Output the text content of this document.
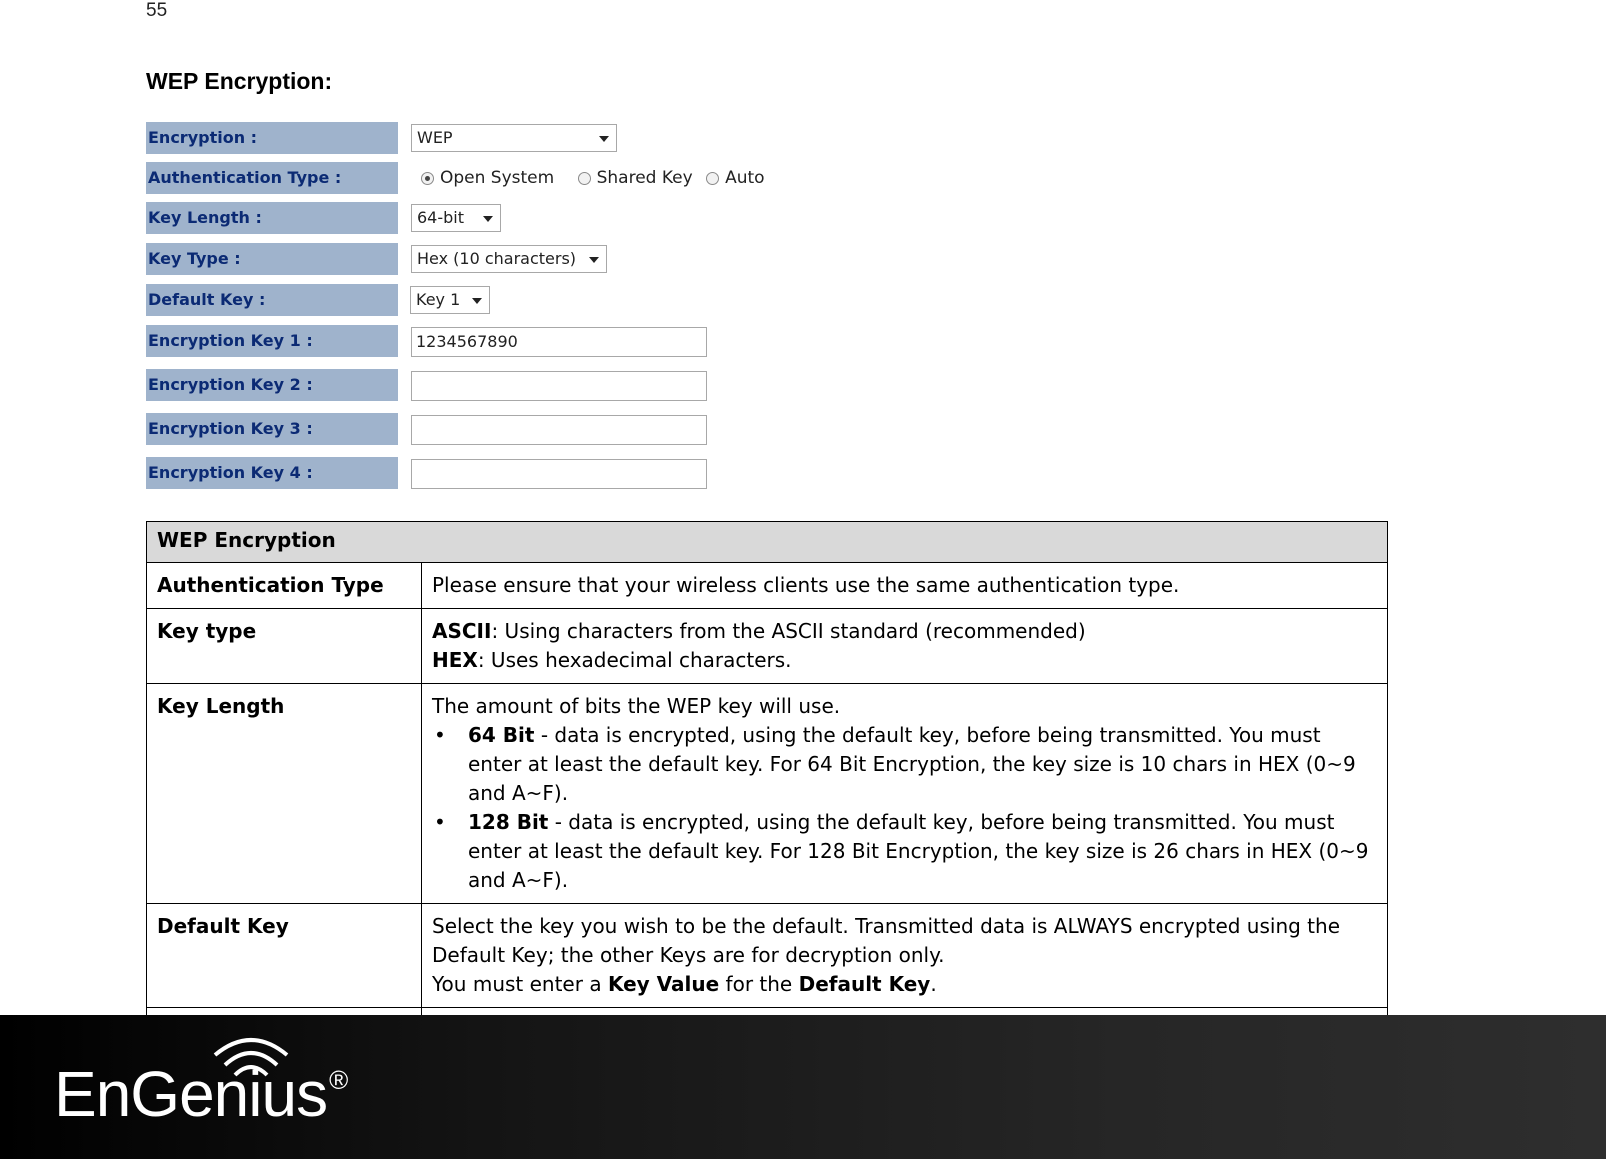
55
WEP Encryption:
Encryption :	WEP
Authentication Type :	Open System
Shared Key
Auto
Key Length :	64-bit
Key Type :	Hex (10 characters)
Default Key :	Key 1
Encryption Key 1 :	1234567890
Encryption Key 2 :
Encryption Key 3 :
Encryption Key 4 :
WEP Encryption	
Authentication Type	Please ensure that your wireless clients use the same authentication type.
Key type	ASCII: Using characters from the ASCII standard (recommended)
HEX: Uses hexadecimal characters.
Key Length	The amount of bits the WEP key will use.
• 64 Bit - data is encrypted, using the default key, before being transmitted. You must enter at least the default key. For 64 Bit Encryption, the key size is 10 chars in HEX (0~9 and A~F).
• 128 Bit - data is encrypted, using the default key, before being transmitted. You must enter at least the default key. For 128 Bit Encryption, the key size is 26 chars in HEX (0~9 and A~F).

Default Key	Select the key you wish to be the default. Transmitted data is ALWAYS encrypted using the Default Key; the other Keys are for decryption only.
You must enter a Key Value for the Default Key.

EnGenius®
